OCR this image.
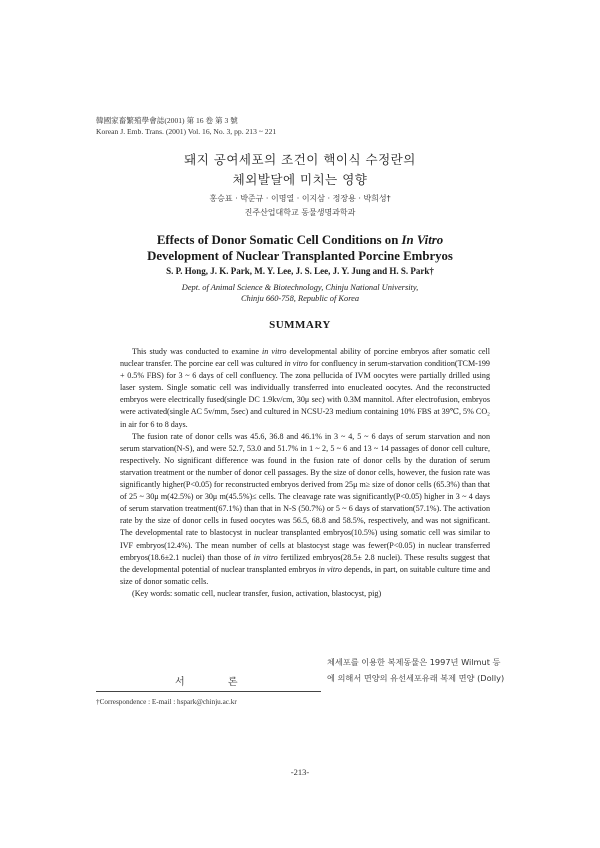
韓國家畜繁殖學會誌(2001) 第 16 卷 第 3 號
Korean J. Emb. Trans. (2001) Vol. 16, No. 3, pp. 213 ~ 221
돼지 공여세포의 조건이 핵이식 수정란의
체외발달에 미치는 영향
홍승표 · 박준규 · 이명열 · 이지삼 · 정장용 · 박희성†
진주산업대학교 동물생명과학과
Effects of Donor Somatic Cell Conditions on In Vitro
Development of Nuclear Transplanted Porcine Embryos
S. P. Hong, J. K. Park, M. Y. Lee, J. S. Lee, J. Y. Jung and H. S. Park†
Dept. of Animal Science & Biotechnology, Chinju National University,
Chinju 660-758, Republic of Korea
SUMMARY

This study was conducted to examine in vitro developmental ability of porcine embryos after somatic cell nuclear transfer. The porcine ear cell was cultured in vitro for confluency in serum-starvation condition(TCM-199 + 0.5% FBS) for 3 ~ 6 days of cell confluency. The zona pellucida of IVM oocytes were partially drilled using laser system. Single somatic cell was individually transferred into enucleated oocytes. And the reconstructed embryos were electrically fused(single DC 1.9kv/cm, 30μ sec) with 0.3M mannitol. After electrofusion, embryos were activated(single AC 5v/mm, 5sec) and cultured in NCSU-23 medium containing 10% FBS at 39℃, 5% CO₂ in air for 6 to 8 days.

The fusion rate of donor cells was 45.6, 36.8 and 46.1% in 3 ~ 4, 5 ~ 6 days of serum starvation and non serum starvation(N-S), and were 52.7, 53.0 and 51.7% in 1 ~ 2, 5 ~ 6 and 13 ~ 14 passages of donor cell culture, respectively. No significant difference was found in the fusion rate of donor cells by the duration of serum starvation treatment or the number of donor cell passages. By the size of donor cells, however, the fusion rate was significantly higher(P<0.05) for reconstructed embryos derived from 25μ m≥ size of donor cells (65.3%) than that of 25 ~ 30μ m(42.5%) or 30μ m(45.5%)≤ cells. The cleavage rate was significantly(P<0.05) higher in 3 ~ 4 days of serum starvation treatment(67.1%) than that in N-S (50.7%) or 5 ~ 6 days of starvation(57.1%). The activation rate by the size of donor cells in fused oocytes was 56.5, 68.8 and 58.5%, respectively, and was not significant. The developmental rate to blastocyst in nuclear transplanted embryos(10.5%) using somatic cell was similar to IVF embryos(12.4%). The mean number of cells at blastocyst stage was fewer(P<0.05) in nuclear transferred embryos(18.6±2.1 nuclei) than those of in vitro fertilized embryos(28.5± 2.8 nuclei). These results suggest that the developmental potential of nuclear transplanted embryos in vitro depends, in part, on suitable culture time and size of donor somatic cells.

(Key words: somatic cell, nuclear transfer, fusion, activation, blastocyst, pig)

체세포를 이용한 복제동물은 1997년 Wilmut 등
에 의해서 면양의 유선세포유래 복제 면양 (Dolly)
서 론
†Correspondence : E-mail : hspark@chinju.ac.kr
-213-
